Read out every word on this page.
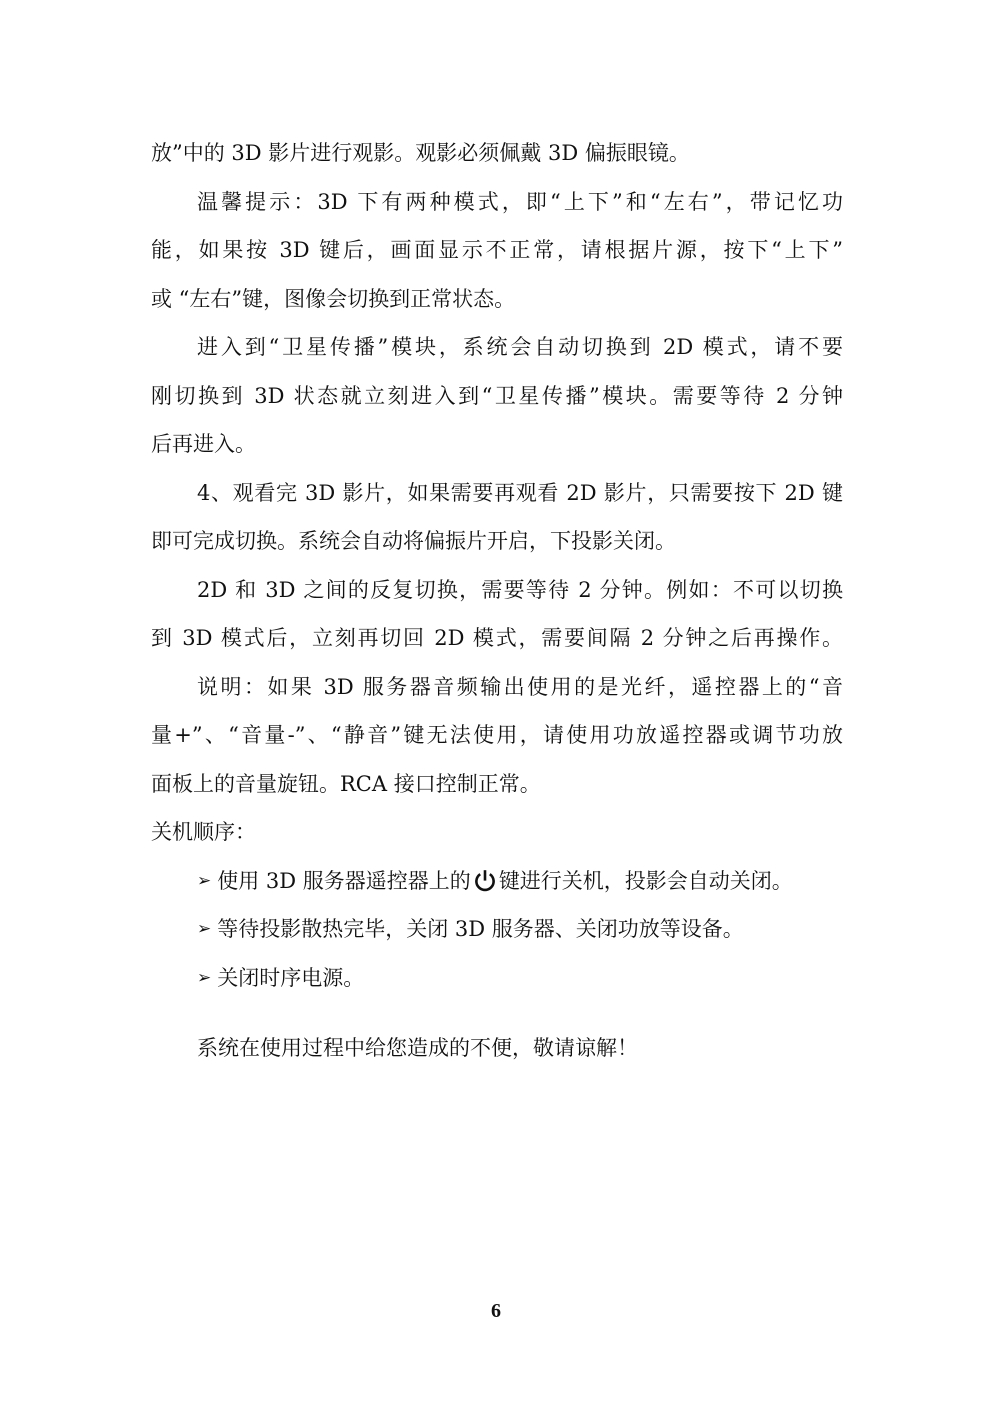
放”中的 3D 影片进行观影。观影必须佩戴 3D 偏振眼镜。
温馨提示：3D 下有两种模式，即“上下”和“左右”，带记忆功
能，如果按 3D 键后，画面显示不正常，请根据片源，按下“上下”
或 “左右”键，图像会切换到正常状态。
进入到“卫星传播”模块，系统会自动切换到 2D 模式，请不要
刚切换到 3D 状态就立刻进入到“卫星传播”模块。需要等待 2 分钟
后再进入。
4、观看完 3D 影片，如果需要再观看 2D 影片，只需要按下 2D 键
即可完成切换。系统会自动将偏振片开启，下投影关闭。
2D 和 3D 之间的反复切换，需要等待 2 分钟。例如：不可以切换
到 3D 模式后，立刻再切回 2D 模式，需要间隔 2 分钟之后再操作。
说明：如果 3D 服务器音频输出使用的是光纤，遥控器上的“音
量+”、“音量-”、“静音”键无法使用，请使用功放遥控器或调节功放
面板上的音量旋钮。RCA 接口控制正常。
关机顺序：
➢ 使用 3D 服务器遥控器上的 键进行关机，投影会自动关闭。
➢ 等待投影散热完毕，关闭 3D 服务器、关闭功放等设备。
➢ 关闭时序电源。
系统在使用过程中给您造成的不便，敬请谅解！
6
